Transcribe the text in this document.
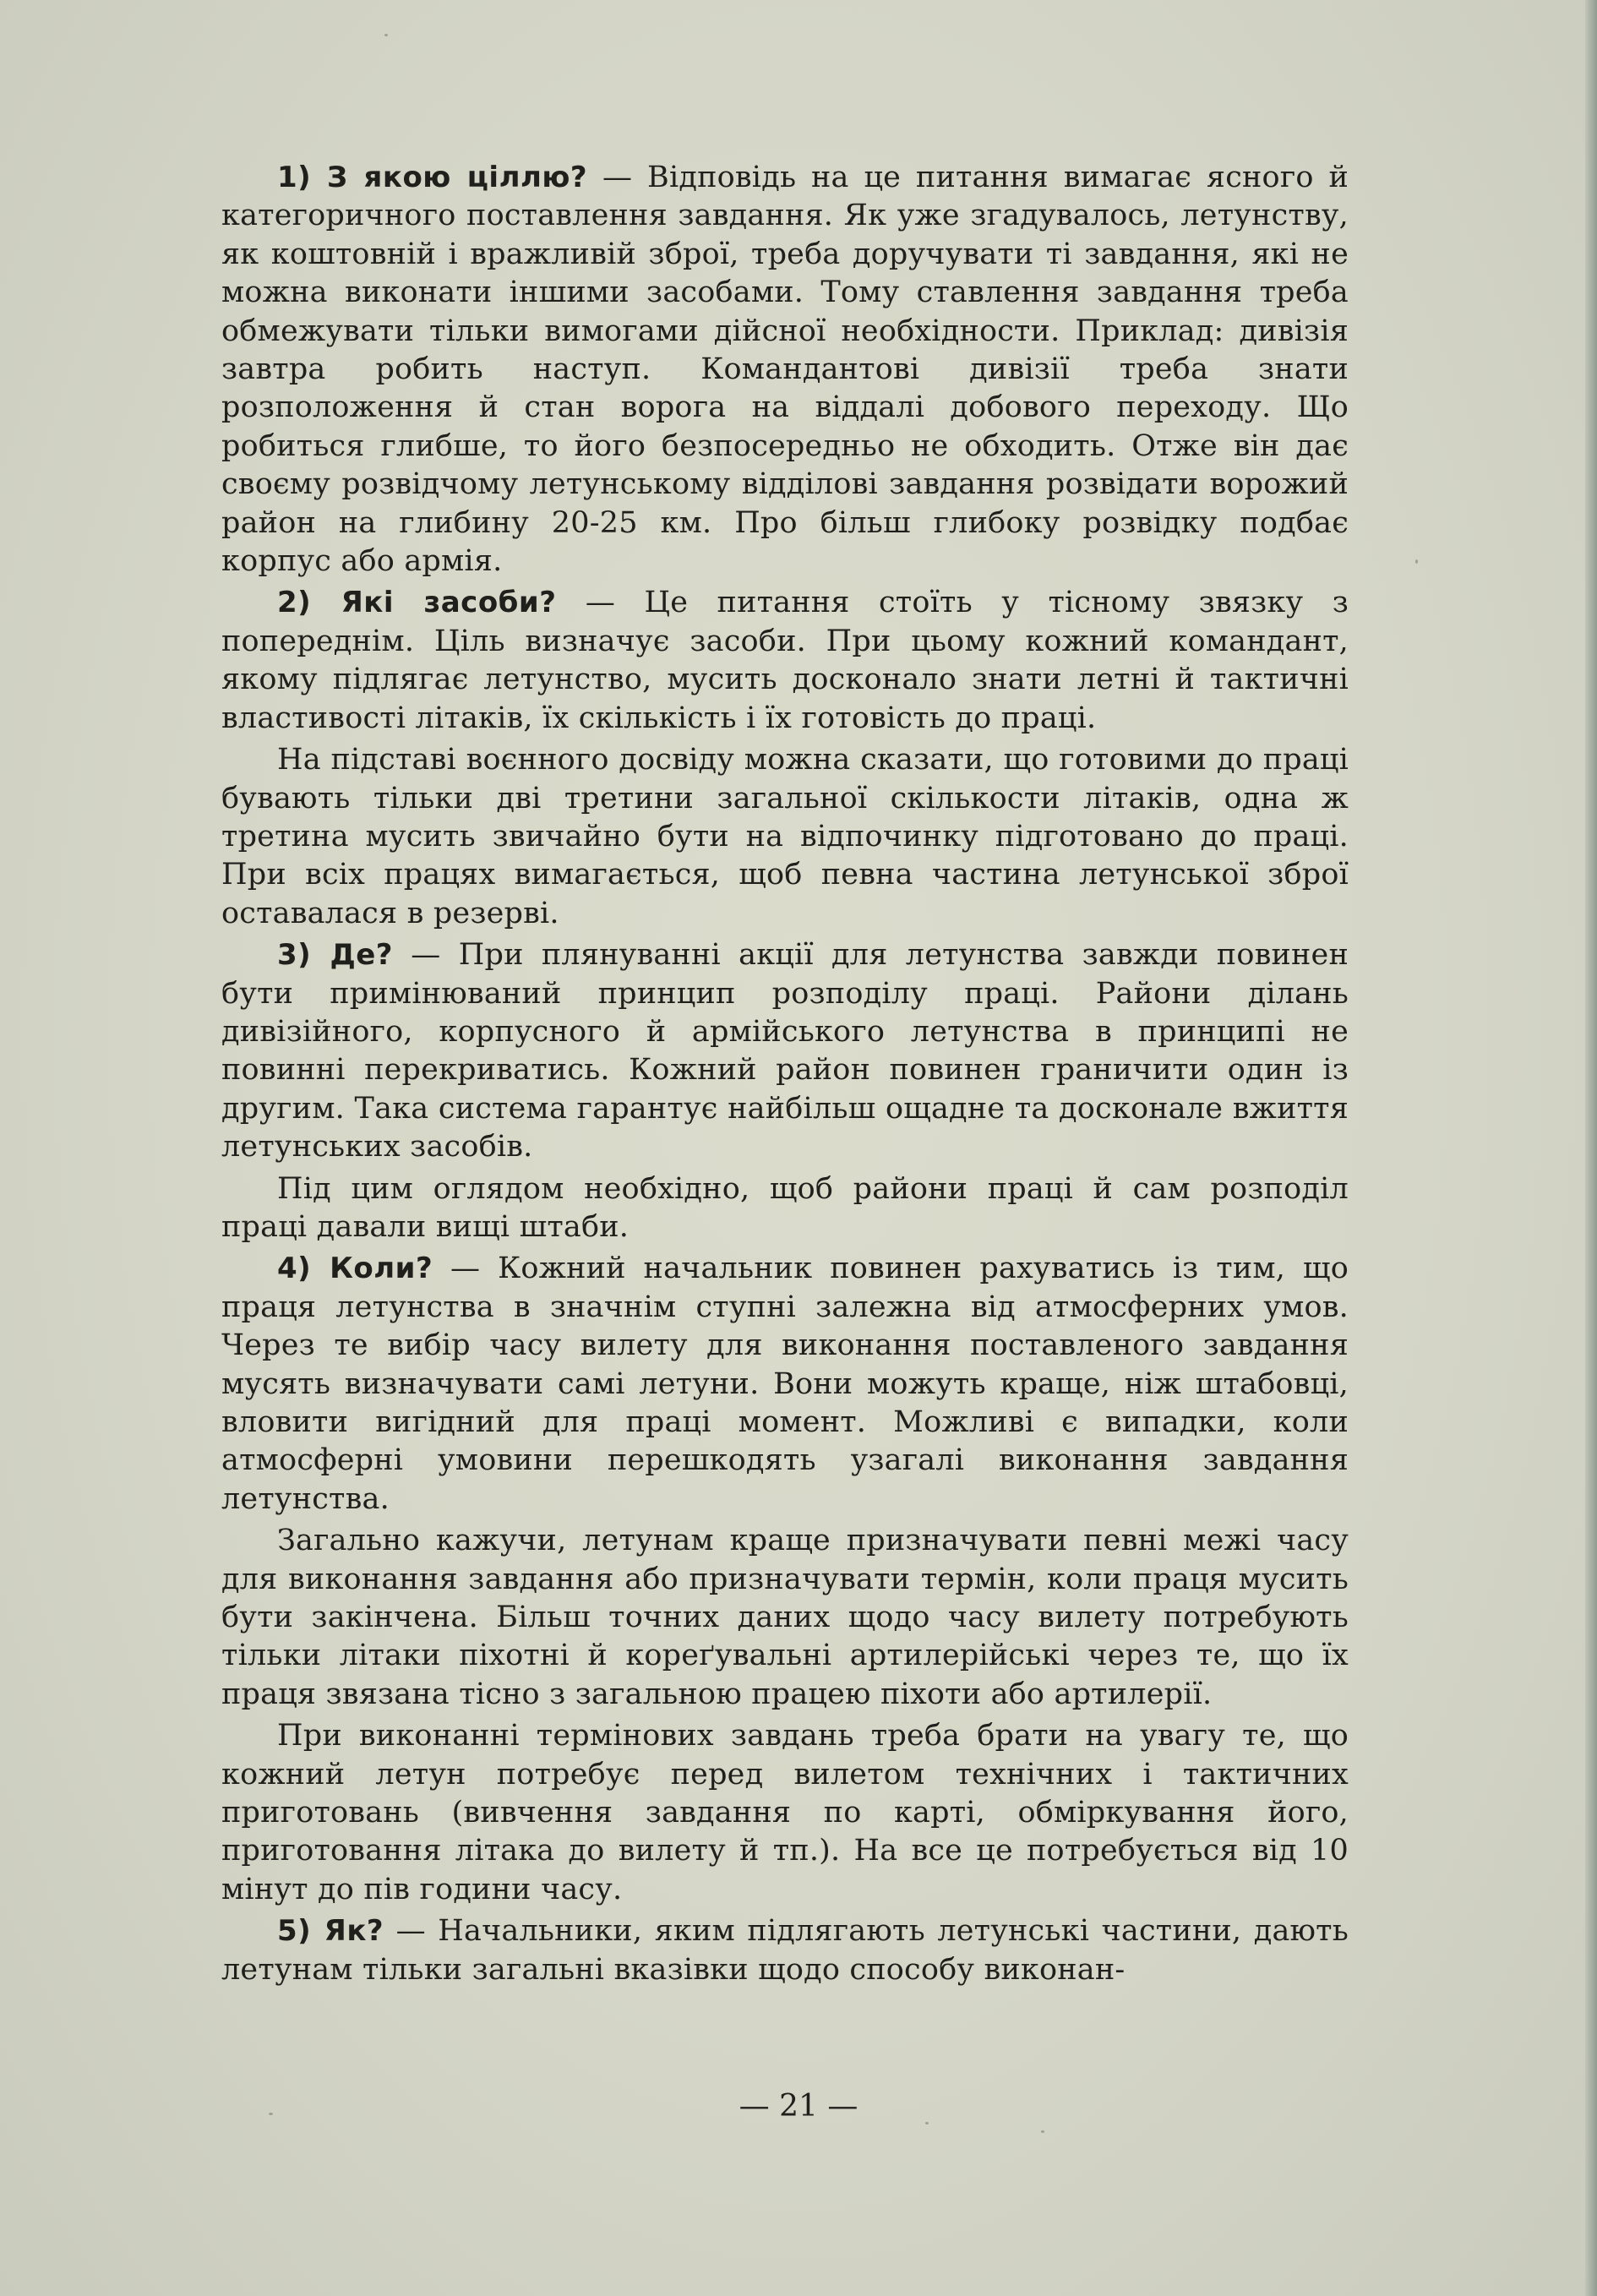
1) З якою ціллю? — Відповідь на це питання вимагає ясного й категоричного поставлення завдання. Як уже згадувалось, летунству, як коштовній і вражливій зброї, треба доручувати ті завдання, які не можна виконати іншими засобами. Тому ставлення завдання треба обмежувати тільки вимогами дійсної необхідности. Приклад: дивізія завтра робить наступ. Командантові дивізії треба знати розположення й стан ворога на віддалі добового переходу. Що робиться глибше, то його безпосередньо не обходить. Отже він дає своєму розвідчому летунському відділові завдання розвідати ворожий район на глибину 20-25 км. Про більш глибоку розвідку подбає корпус або армія.

2) Які засоби? — Це питання стоїть у тісному звязку з попереднім. Ціль визначує засоби. При цьому кожний командант, якому підлягає летунство, мусить досконало знати летні й тактичні властивості літаків, їх скількість і їх готовість до праці.

На підставі воєнного досвіду можна сказати, що готовими до праці бувають тільки дві третини загальної скількости літаків, одна ж третина мусить звичайно бути на відпочинку підготовано до праці. При всіх працях вимагається, щоб певна частина летунської зброї оставалася в резерві.

3) Де? — При плянуванні акції для летунства завжди повинен бути примінюваний принцип розподілу праці. Райони ділань дивізійного, корпусного й армійського летунства в принципі не повинні перекриватись. Кожний район повинен граничити один із другим. Така система гарантує найбільш ощадне та досконале вжиття летунських засобів.

Під цим оглядом необхідно, щоб райони праці й сам розподіл праці давали вищі штаби.

4) Коли? — Кожний начальник повинен рахуватись із тим, що праця летунства в значнім ступні залежна від атмосферних умов. Через те вибір часу вилету для виконання поставленого завдання мусять визначувати самі летуни. Вони можуть краще, ніж штабовці, вловити вигідний для праці момент. Можливі є випадки, коли атмосферні умовини перешкодять узагалі виконання завдання летунства.

Загально кажучи, летунам краще призначувати певні межі часу для виконання завдання або призначувати термін, коли праця мусить бути закінчена. Більш точних даних щодо часу вилету потребують тільки літаки піхотні й кореґувальні артилерійські через те, що їх праця звязана тісно з загальною працею піхоти або артилерії.

При виконанні термінових завдань треба брати на увагу те, що кожний летун потребує перед вилетом технічних і тактичних приготовань (вивчення завдання по карті, обміркування його, приготовання літака до вилету й тп.). На все це потребується від 10 мінут до пів години часу.

5) Як? — Начальники, яким підлягають летунські частини, дають летунам тільки загальні вказівки щодо способу виконан-

— 21 —
